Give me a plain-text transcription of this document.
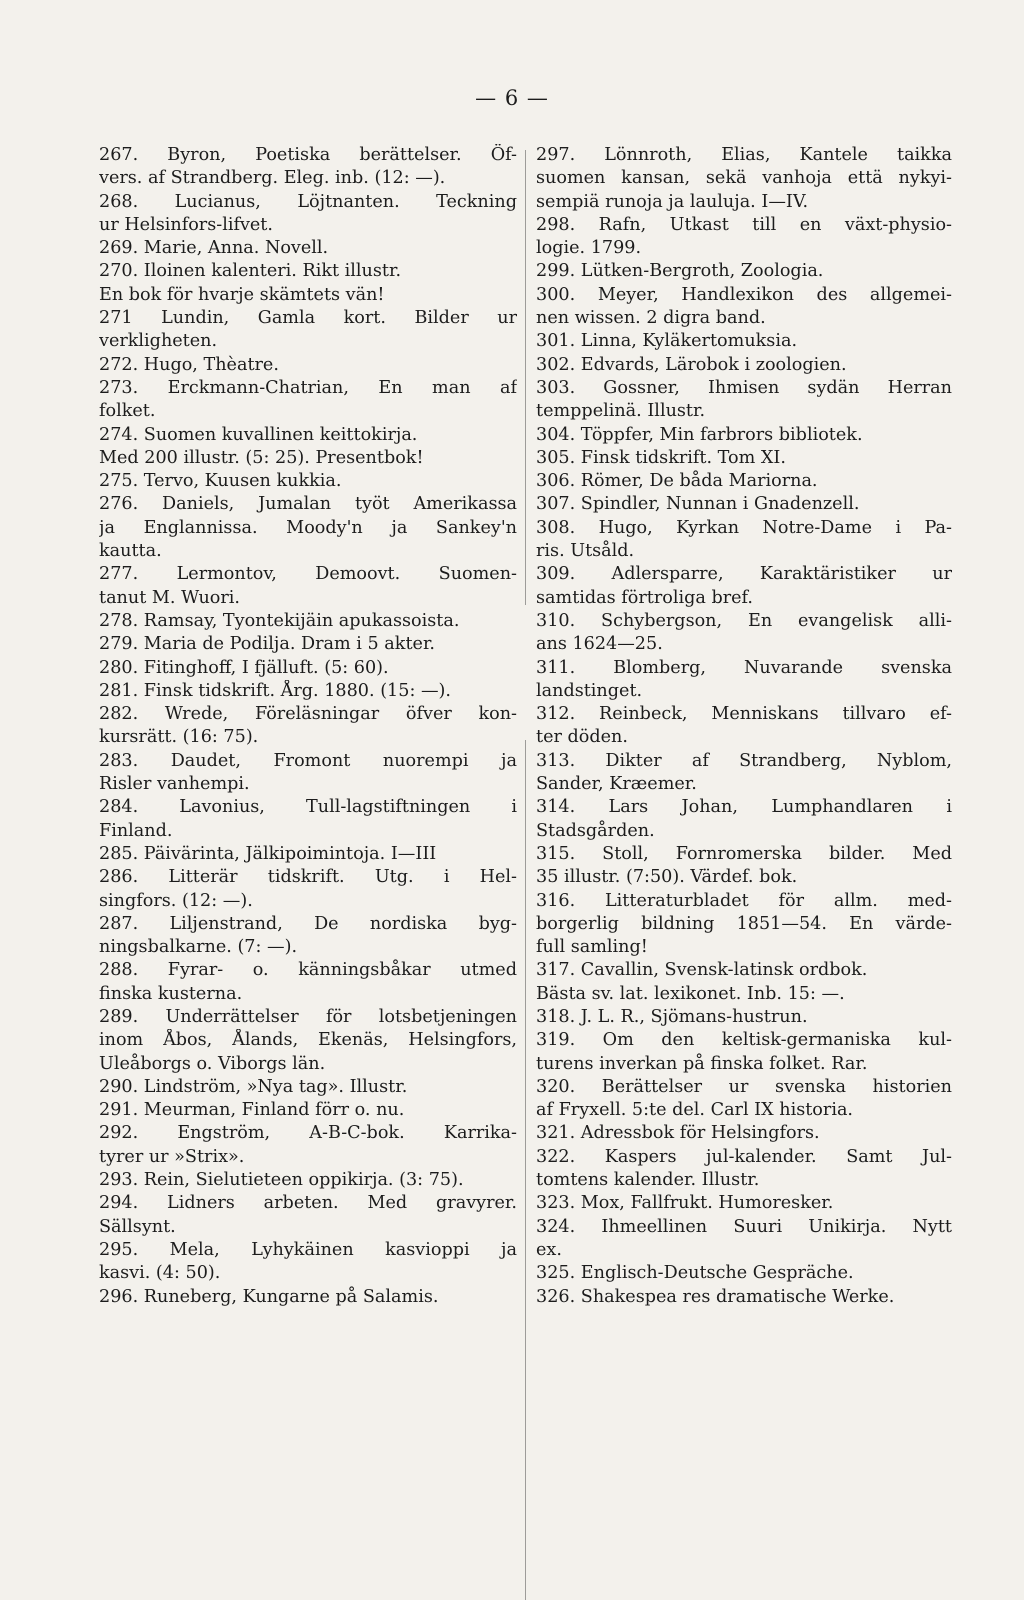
— 6 —
267. Byron, Poetiska berättelser. Öf-
vers. af Strandberg. Eleg. inb. (12: —).
268. Lucianus, Löjtnanten. Teckning
ur Helsinfors-lifvet.
269. Marie, Anna. Novell.
270. Iloinen kalenteri. Rikt illustr.
En bok för hvarje skämtets vän!
271 Lundin, Gamla kort. Bilder ur
verkligheten.
272. Hugo, Thèatre.
273. Erckmann-Chatrian, En man af
folket.
274. Suomen kuvallinen keittokirja.
Med 200 illustr. (5: 25). Presentbok!
275. Tervo, Kuusen kukkia.
276. Daniels, Jumalan työt Amerikassa
ja Englannissa. Moody'n ja Sankey'n
kautta.
277. Lermontov, Demoovt. Suomen-
tanut M. Wuori.
278. Ramsay, Tyontekijäin apukassoista.
279. Maria de Podilja. Dram i 5 akter.
280. Fitinghoff, I fjälluft. (5: 60).
281. Finsk tidskrift. Årg. 1880. (15: —).
282. Wrede, Föreläsningar öfver kon-
kursrätt. (16: 75).
283. Daudet, Fromont nuorempi ja
Risler vanhempi.
284. Lavonius, Tull-lagstiftningen i
Finland.
285. Päivärinta, Jälkipoimintoja. I—III
286. Litterär tidskrift. Utg. i Hel-
singfors. (12: —).
287. Liljenstrand, De nordiska byg-
ningsbalkarne. (7: —).
288. Fyrar- o. känningsbåkar utmed
finska kusterna.
289. Underrättelser för lotsbetjeningen
inom Åbos, Ålands, Ekenäs, Helsingfors,
Uleåborgs o. Viborgs län.
290. Lindström, »Nya tag». Illustr.
291. Meurman, Finland förr o. nu.
292. Engström, A-B-C-bok. Karrika-
tyrer ur »Strix».
293. Rein, Sielutieteen oppikirja. (3: 75).
294. Lidners arbeten. Med gravyrer.
Sällsynt.
295. Mela, Lyhykäinen kasvioppi ja
kasvi. (4: 50).
296. Runeberg, Kungarne på Salamis.
297. Lönnroth, Elias, Kantele taikka
suomen kansan, sekä vanhoja että nykyi-
sempiä runoja ja lauluja. I—IV.
298. Rafn, Utkast till en växt-physio-
logie. 1799.
299. Lütken-Bergroth, Zoologia.
300. Meyer, Handlexikon des allgemei-
nen wissen. 2 digra band.
301. Linna, Kyläkertomuksia.
302. Edvards, Lärobok i zoologien.
303. Gossner, Ihmisen sydän Herran
temppelinä. Illustr.
304. Töppfer, Min farbrors bibliotek.
305. Finsk tidskrift. Tom XI.
306. Römer, De båda Mariorna.
307. Spindler, Nunnan i Gnadenzell.
308. Hugo, Kyrkan Notre-Dame i Pa-
ris. Utsåld.
309. Adlersparre, Karaktäristiker ur
samtidas förtroliga bref.
310. Schybergson, En evangelisk alli-
ans 1624—25.
311. Blomberg, Nuvarande svenska
landstinget.
312. Reinbeck, Menniskans tillvaro ef-
ter döden.
313. Dikter af Strandberg, Nyblom,
Sander, Kræemer.
314. Lars Johan, Lumphandlaren i
Stadsgården.
315. Stoll, Fornromerska bilder. Med
35 illustr. (7:50). Värdef. bok.
316. Litteraturbladet för allm. med-
borgerlig bildning 1851—54. En värde-
full samling!
317. Cavallin, Svensk-latinsk ordbok.
Bästa sv. lat. lexikonet. Inb. 15: —.
318. J. L. R., Sjömans-hustrun.
319. Om den keltisk-germaniska kul-
turens inverkan på finska folket. Rar.
320. Berättelser ur svenska historien
af Fryxell. 5:te del. Carl IX historia.
321. Adressbok för Helsingfors.
322. Kaspers jul-kalender. Samt Jul-
tomtens kalender. Illustr.
323. Mox, Fallfrukt. Humoresker.
324. Ihmeellinen Suuri Unikirja. Nytt
ex.
325. Englisch-Deutsche Gespräche.
326. Shakespea res dramatische Werke.
